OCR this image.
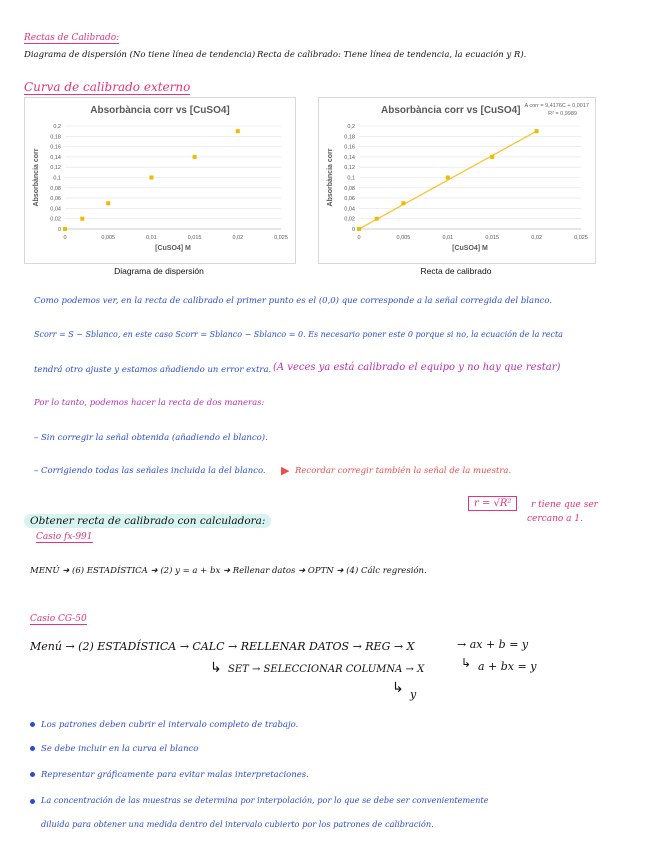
Rectas de Calibrado:
Diagrama de dispersión (No tiene línea de tendencia) Recta de calibrado: Tiene línea de tendencia, la ecuación y R).
Curva de calibrado externo
Absorbància corr vs [CuSO4]
0
0,02
0,04
0,06
0,08
0,1
0,12
0,14
0,16
0,18
0,2
0	0,005	0,01	0,015	0,02	0,025
[CuSO4] M
Absorbància corr
Diagrama de dispersión
Absorbància corr vs [CuSO4] A corr = 9,4176C + 0,0017
R² = 0,9989
0
0,02
0,04
0,06
0,08
0,1
0,12
0,14
0,16
0,18
0,2
0	0,005	0,01	0,015	0,02	0,025
[CuSO4] M
Absorbància corr
Recta de calibrado
Como podemos ver, en la recta de calibrado el primer punto es el (0,0) que corresponde a la señal corregida del blanco.
Scorr = S − Sblanco, en este caso Scorr = Sblanco − Sblanco = 0. Es necesario poner este 0 porque si no, la ecuación de la recta
tendrá otro ajuste y estamos añadiendo un error extra. (A veces ya está calibrado el equipo y no hay que restar)
Por lo tanto, podemos hacer la recta de dos maneras:
– Sin corregir la señal obtenida (añadiendo el blanco).
– Corrigiendo todas las señales incluida la del blanco. ▶ Recordar corregir también la señal de la muestra.
r = √R²	r tiene que ser
cercano a 1.
Obtener recta de calibrado con calculadora:
Casio fx-991
MENÚ ➜ (6) ESTADÍSTICA ➜ (2) y = a + bx ➜ Rellenar datos ➜ OPTN ➜ (4) Cálc regresión.
Casio CG-50
Menú → (2) ESTADÍSTICA → CALC → RELLENAR DATOS → REG → X	→ ax + b = y
↳ a + bx = y
↳ SET → SELECCIONAR COLUMNA → X
↳ y
Los patrones deben cubrir el intervalo completo de trabajo.
Se debe incluir en la curva el blanco
Representar gráficamente para evitar malas interpretaciones.
La concentración de las muestras se determina por interpolación, por lo que se debe ser convenientemente
diluida para obtener una medida dentro del intervalo cubierto por los patrones de calibración.
